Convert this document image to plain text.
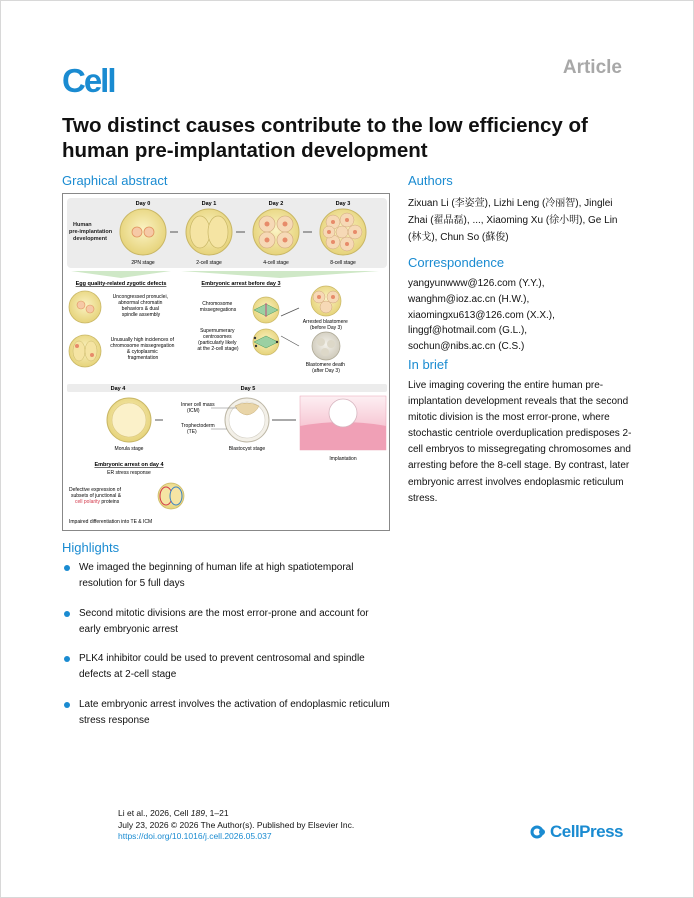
Cell	Article
Two distinct causes contribute to the low efficiency of human pre-implantation development
Graphical abstract	Authors
Correspondence
In brief
Highlights
Human pre-implantation development
Day 0	Day 1	Day 2	Day 3
2PN stage	2-cell stage	4-cell stage	8-cell stage
Egg quality-related zygotic defects	Embryonic arrest before day 3
Uncongressed pronuclei, abnormal chromatin behaviors & dual spindle assembly
Unusually high incidences of chromosome missegregation & cytoplasmic fragmentation
Chromosome missegregations
Supernumerary centrosomes (particularly likely at the 2-cell stage)
Arrested blastomere (before Day 3)
Blastomere death (after Day 3)
Day 4	Day 5
Morula stage
Inner cell mass (ICM)
Trophectoderm (TE)
Blastocyst stage
Implantation
Embryonic arrest on day 4
ER stress response
Defective expression of subsets of junctional & cell polarity proteins
Impaired differentiation into TE & ICM
Zixuan Li (李姿萱), Lizhi Leng (冷丽智), Jinglei Zhai (翟晶磊), ..., Xiaoming Xu (徐小明), Ge Lin (林戈), Chun So (蘇俊)
yangyunwww@126.com (Y.Y.),
wanghm@ioz.ac.cn (H.W.),
xiaomingxu613@126.com (X.X.),
linggf@hotmail.com (G.L.),
sochun@nibs.ac.cn (C.S.)

Live imaging covering the entire human pre-implantation development reveals that the second mitotic division is the most error-prone, where stochastic centriole overduplication predisposes 2-cell embryos to missegregating chromosomes and arresting before the 8-cell stage. By contrast, later embryonic arrest involves endoplasmic reticulum stress.

We imaged the beginning of human life at high spatiotemporal resolution for 5 full days
Second mitotic divisions are the most error-prone and account for early embryonic arrest
PLK4 inhibitor could be used to prevent centrosomal and spindle defects at 2-cell stage
Late embryonic arrest involves the activation of endoplasmic reticulum stress response
Li et al., 2026, Cell 189, 1–21
July 23, 2026 © 2026 The Author(s). Published by Elsevier Inc.
https://doi.org/10.1016/j.cell.2026.05.037	CellPress
